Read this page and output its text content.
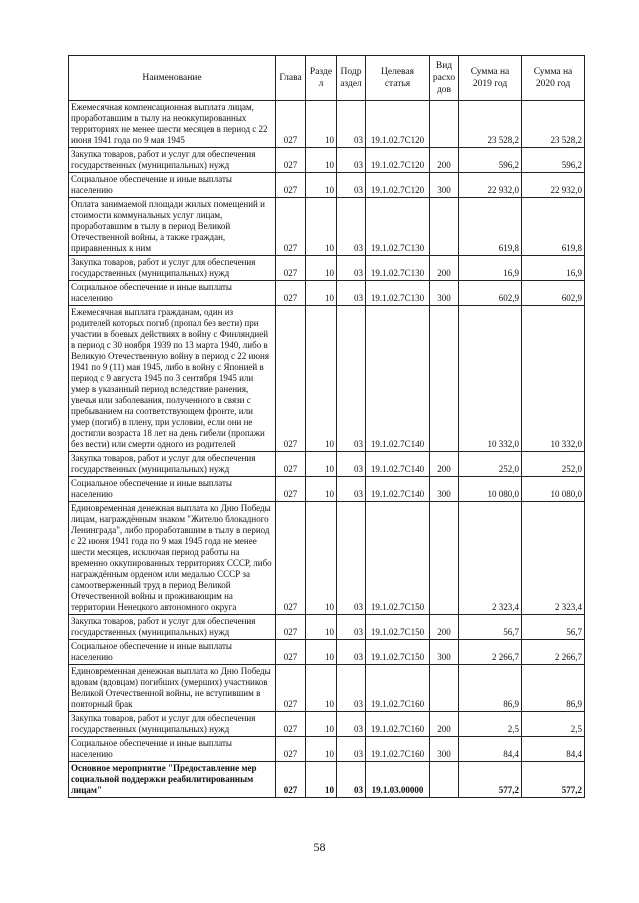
Наименование	Глава	Разде л	Подр аздел	Целевая статья	Вид расхо дов	Сумма на 2019 год	Сумма на 2020 год
Ежемесячная компенсационная выплата лицам, проработавшим в тылу на неоккупированных территориях не менее шести месяцев в период с 22 июня 1941 года по 9 мая 1945	027	10	03	19.1.02.7С120		23 528,2	23 528,2
Закупка товаров, работ и услуг для обеспечения государственных (муниципальных) нужд	027	10	03	19.1.02.7С120	200	596,2	596,2
Социальное обеспечение и иные выплаты населению	027	10	03	19.1.02.7С120	300	22 932,0	22 932,0
Оплата занимаемой площади жилых помещений и стоимости коммунальных услуг лицам, проработавшим в тылу в период Великой Отечественной войны, а также граждан, приравненных к ним	027	10	03	19.1.02.7С130		619,8	619,8
Закупка товаров, работ и услуг для обеспечения государственных (муниципальных) нужд	027	10	03	19.1.02.7С130	200	16,9	16,9
Социальное обеспечение и иные выплаты населению	027	10	03	19.1.02.7С130	300	602,9	602,9
Ежемесячная выплата гражданам, один из родителей которых погиб (пропал без вести) при участии в боевых действиях в войну с Финляндией в период с 30 ноября 1939 по 13 марта 1940, либо в Великую Отечественную войну в период с 22 июня 1941 по 9 (11) мая 1945, либо в войну с Японией в период с 9 августа 1945 по 3 сентября 1945 или умер в указанный период вследствие ранения, увечья или заболевания, полученного в связи с пребыванием на соответствующем фронте, или умер (погиб) в плену, при условии, если они не достигли возраста 18 лет на день гибели (пропажи без вести) или смерти одного из родителей	027	10	03	19.1.02.7С140		10 332,0	10 332,0
Закупка товаров, работ и услуг для обеспечения государственных (муниципальных) нужд	027	10	03	19.1.02.7С140	200	252,0	252,0
Социальное обеспечение и иные выплаты населению	027	10	03	19.1.02.7С140	300	10 080,0	10 080,0
Единовременная денежная выплата ко Дню Победы лицам, награждённым знаком "Жителю блокадного Ленинграда", либо проработавшим в тылу в период с 22 июня 1941 года по 9 мая 1945 года не менее шести месяцев, исключая период работы на временно оккупированных территориях СССР, либо награждённым орденом или медалью СССР за самоотверженный труд в период Великой Отечественной войны и проживающим на территории Ненецкого автономного округа	027	10	03	19.1.02.7С150		2 323,4	2 323,4
Закупка товаров, работ и услуг для обеспечения государственных (муниципальных) нужд	027	10	03	19.1.02.7С150	200	56,7	56,7
Социальное обеспечение и иные выплаты населению	027	10	03	19.1.02.7С150	300	2 266,7	2 266,7
Единовременная денежная выплата ко Дню Победы вдовам (вдовцам) погибших (умерших) участников Великой Отечественной войны, не вступившим в повторный брак	027	10	03	19.1.02.7С160		86,9	86,9
Закупка товаров, работ и услуг для обеспечения государственных (муниципальных) нужд	027	10	03	19.1.02.7С160	200	2,5	2,5
Социальное обеспечение и иные выплаты населению	027	10	03	19.1.02.7С160	300	84,4	84,4
Основное мероприятие "Предоставление мер социальной поддержки реабилитированным лицам"	027	10	03	19.1.03.00000		577,2	577,2
58
